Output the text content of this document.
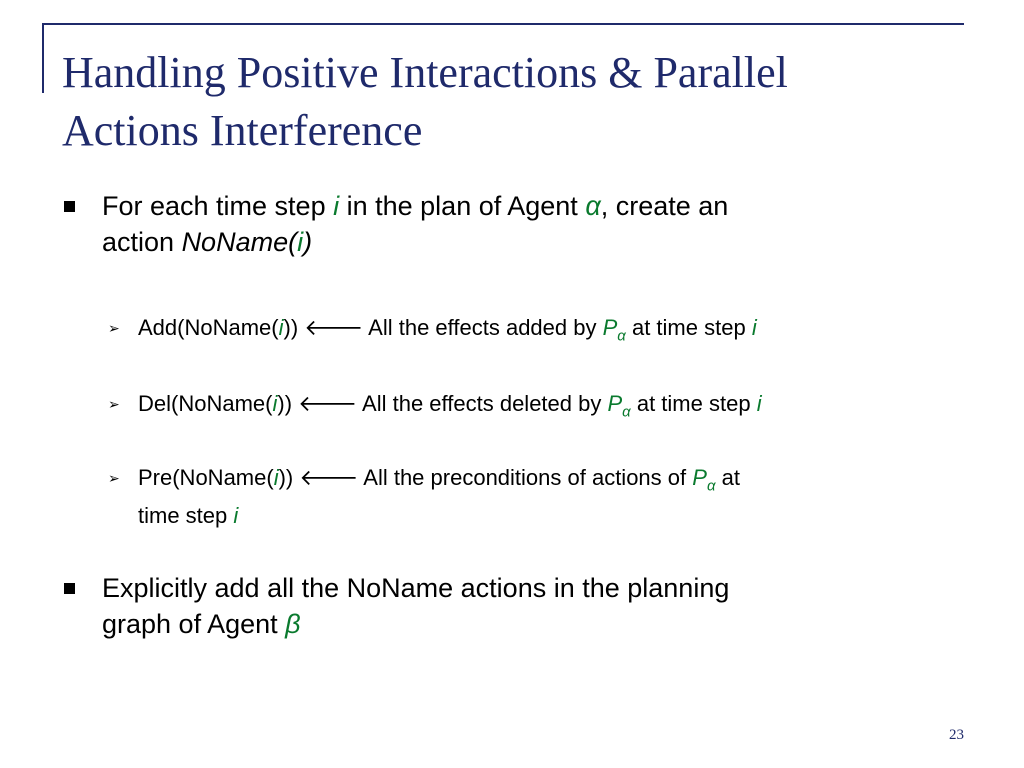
Handling Positive Interactions & Parallel
Actions Interference
For each time step i in the plan of Agent α, create an
action NoName(i)
➢ Add(NoName(i)) 🡐 All the effects added by $P_\alpha$ at time step i
➢ Del(NoName(i)) 🡐 All the effects deleted by $P_\alpha$ at time step i
➢ Pre(NoName(i)) 🡐 All the preconditions of actions of $P_\alpha$ at
time step i
Explicitly add all the NoName actions in the planning
graph of Agent β
23
